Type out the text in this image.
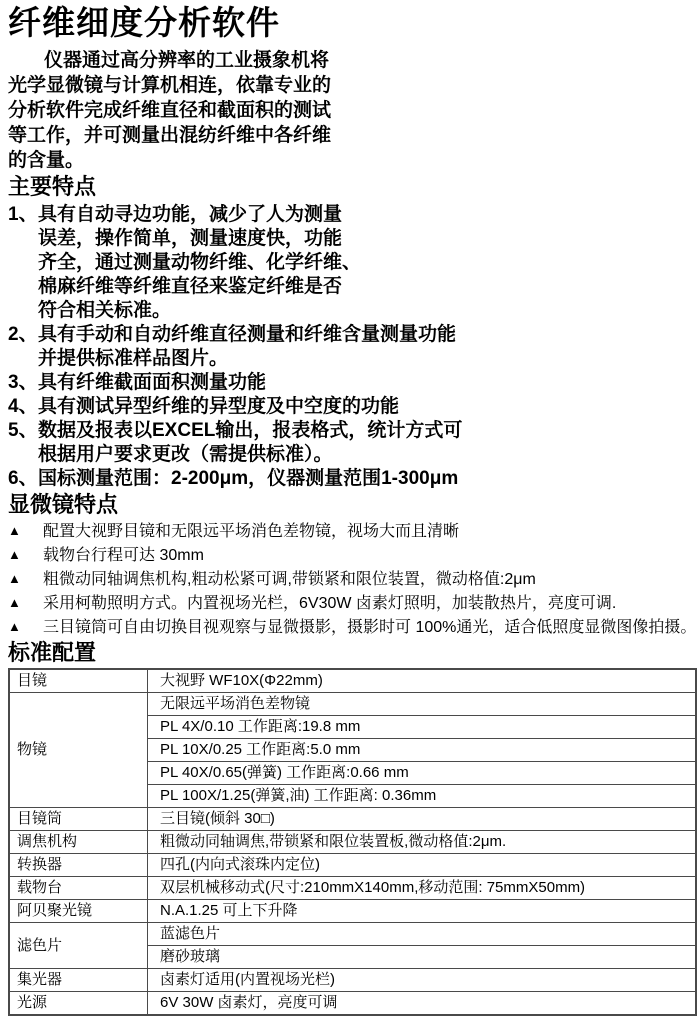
纤维细度分析软件
仪器通过高分辨率的工业摄象机将
光学显微镜与计算机相连，依靠专业的
分析软件完成纤维直径和截面积的测试
等工作，并可测量出混纺纤维中各纤维
的含量。
主要特点
1、具有自动寻边功能，减少了人为测量
误差，操作简单，测量速度快，功能
齐全，通过测量动物纤维、化学纤维、
棉麻纤维等纤维直径来鉴定纤维是否
符合相关标准。
2、具有手动和自动纤维直径测量和纤维含量测量功能
并提供标准样品图片。
3、具有纤维截面面积测量功能
4、具有测试异型纤维的异型度及中空度的功能
5、数据及报表以EXCEL输出，报表格式，统计方式可
根据用户要求更改（需提供标准）。
6、国标测量范围：2-200μm，仪器测量范围1-300μm
显微镜特点
▲ 配置大视野目镜和无限远平场消色差物镜，视场大而且清晰
▲ 载物台行程可达 30mm
▲ 粗微动同轴调焦机构,粗动松紧可调,带锁紧和限位装置，微动格值:2μm
▲ 采用柯勒照明方式。内置视场光栏，6V30W 卤素灯照明，加装散热片，亮度可调.
▲ 三目镜筒可自由切换目视观察与显微摄影，摄影时可 100%通光，适合低照度显微图像拍摄。
标准配置
目镜	大视野 WF10X(Φ22mm)
物镜	无限远平场消色差物镜
	PL 4X/0.10 工作距离:19.8 mm
	PL 10X/0.25 工作距离:5.0 mm
	PL 40X/0.65(弹簧) 工作距离:0.66 mm
	PL 100X/1.25(弹簧,油) 工作距离: 0.36mm
目镜筒	三目镜(倾斜 30□)
调焦机构	粗微动同轴调焦,带锁紧和限位装置板,微动格值:2μm.
转换器	四孔(内向式滚珠内定位)
载物台	双层机械移动式(尺寸:210mmX140mm,移动范围: 75mmX50mm)
阿贝聚光镜	N.A.1.25 可上下升降
滤色片	蓝滤色片
	磨砂玻璃
集光器	卤素灯适用(内置视场光栏)
光源	6V 30W 卤素灯，亮度可调
